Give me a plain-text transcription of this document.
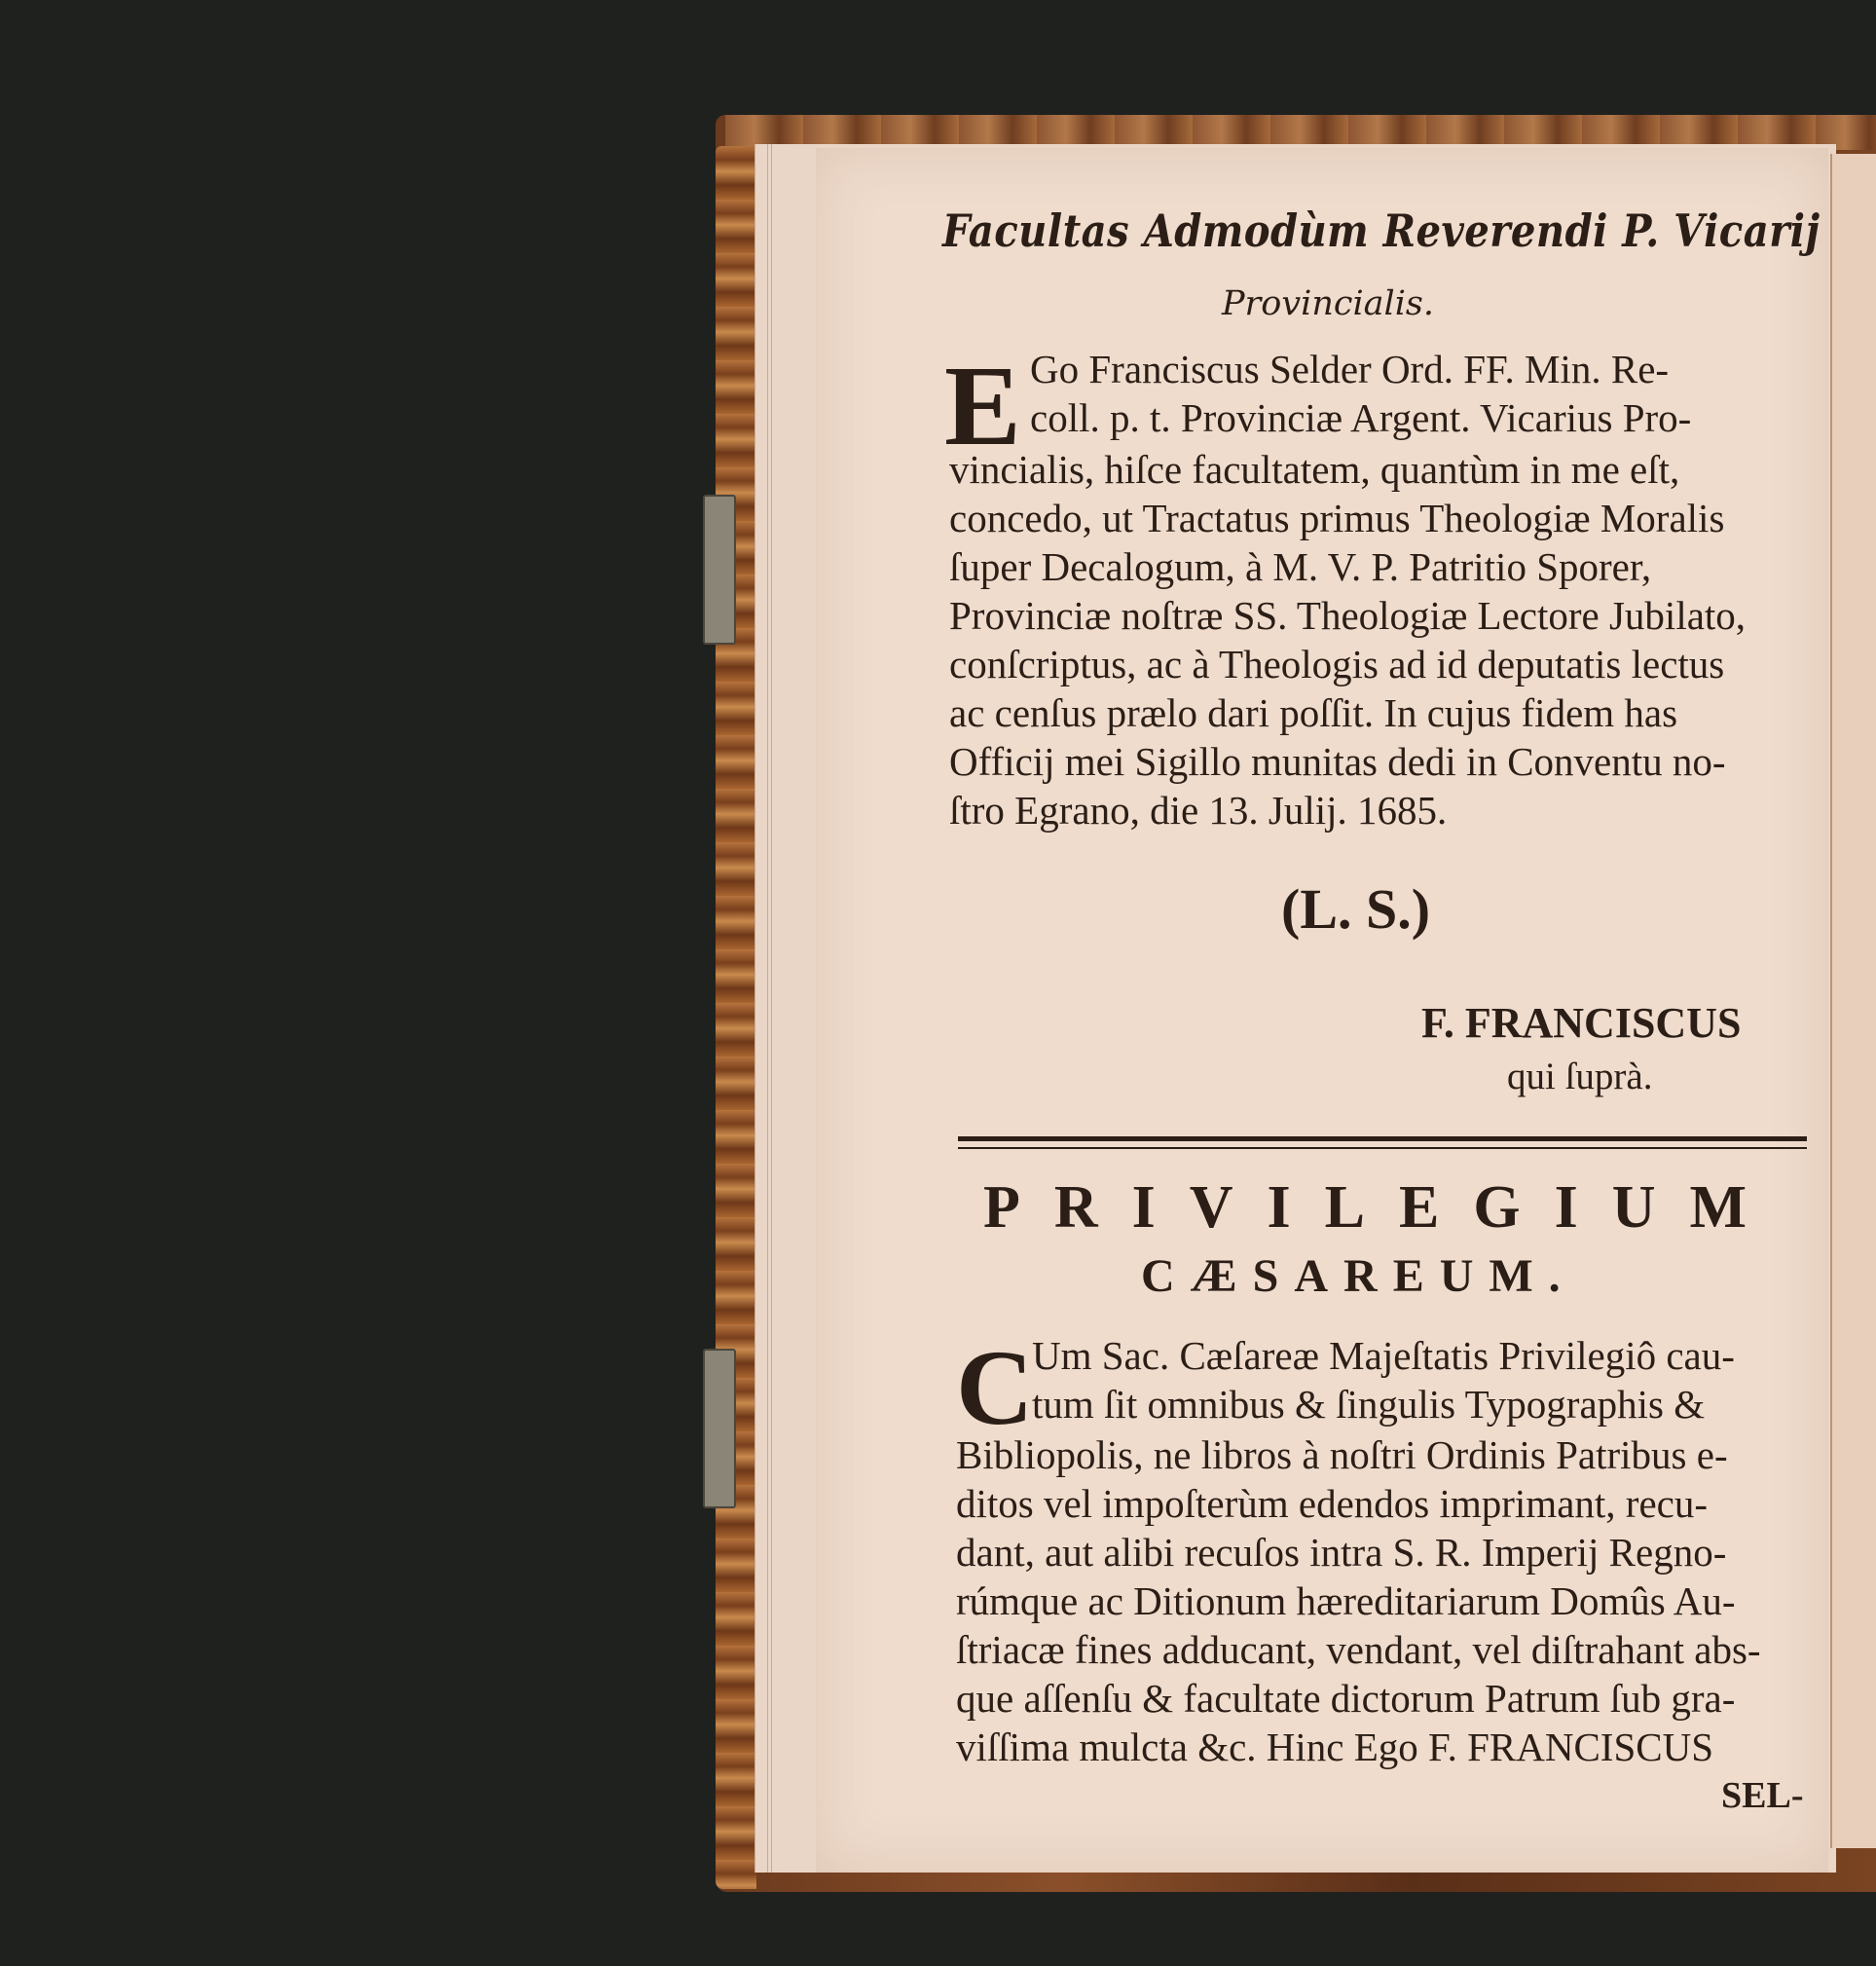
Facultas Admodùm Reverendi P. Vicarij
Provincialis.
E Go Franciscus Selder Ord. FF. Min. Re-
coll. p. t. Provinciæ Argent. Vicarius Pro-
vincialis, hiſce facultatem, quantùm in me eſt,
concedo, ut Tractatus primus Theologiæ Moralis
ſuper Decalogum, à M. V. P. Patritio Sporer,
Provinciæ noſtræ SS. Theologiæ Lectore Jubilato,
conſcriptus, ac à Theologis ad id deputatis lectus
ac cenſus prælo dari poſſit. In cujus fidem has
Officij mei Sigillo munitas dedi in Conventu no-
ſtro Egrano, die 13. Julij. 1685.
(L. S.)
F. FRANCISCUS
qui ſuprà.
PRIVILEGIUM
CÆSAREUM.
C
Um Sac. Cæſareæ Majeſtatis Privilegiô cau-
tum ſit omnibus & ſingulis Typographis &
Bibliopolis, ne libros à noſtri Ordinis Patribus e-
ditos vel impoſterùm edendos imprimant, recu-
dant, aut alibi recuſos intra S. R. Imperij Regno-
rúmque ac Ditionum hæreditariarum Domûs Au-
ſtriacæ fines adducant, vendant, vel diſtrahant abs-
que aſſenſu & facultate dictorum Patrum ſub gra-
viſſima mulcta &c. Hinc Ego F. FRANCISCUS
SEL-
